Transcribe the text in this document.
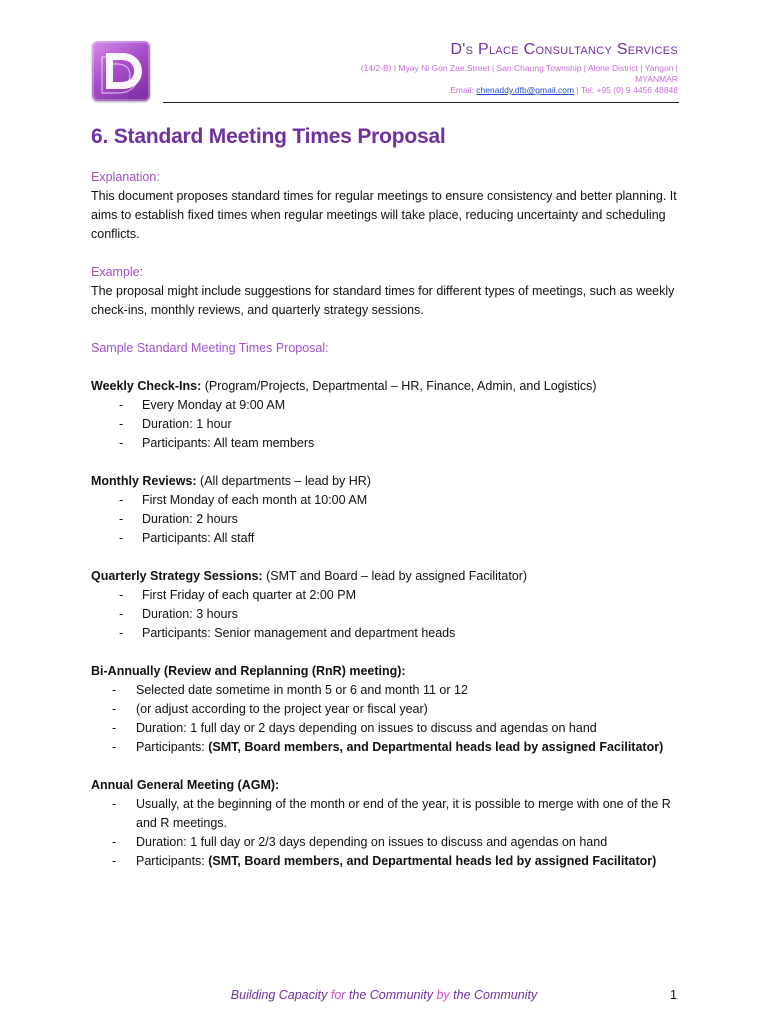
D's Place Consultancy Services
(14/2-B) | Myay Ni Gon Zae.Street | San Chaung Township | Alone District | Yangon | MYANMAR
Email: chenaddy.dfb@gmail.com | Tel: +95 (0) 9 4456 48848
6. Standard Meeting Times Proposal
Explanation:

This document proposes standard times for regular meetings to ensure consistency and better planning. It aims to establish fixed times when regular meetings will take place, reducing uncertainty and scheduling conflicts.

Example:

The proposal might include suggestions for standard times for different types of meetings, such as weekly check-ins, monthly reviews, and quarterly strategy sessions.

Sample Standard Meeting Times Proposal:
Weekly Check-Ins: (Program/Projects, Departmental – HR, Finance, Admin, and Logistics)
- Every Monday at 9:00 AM
- Duration: 1 hour
- Participants: All team members
Monthly Reviews: (All departments – lead by HR)
- First Monday of each month at 10:00 AM
- Duration: 2 hours
- Participants: All staff
Quarterly Strategy Sessions: (SMT and Board – lead by assigned Facilitator)
- First Friday of each quarter at 2:00 PM
- Duration: 3 hours
- Participants: Senior management and department heads
Bi-Annually (Review and Replanning (RnR) meeting):
- Selected date sometime in month 5 or 6 and month 11 or 12
- (or adjust according to the project year or fiscal year)
- Duration: 1 full day or 2 days depending on issues to discuss and agendas on hand
- Participants: (SMT, Board members, and Departmental heads lead by assigned Facilitator)
Annual General Meeting (AGM):
- Usually, at the beginning of the month or end of the year, it is possible to merge with one of the R and R meetings.
- Duration: 1 full day or 2/3 days depending on issues to discuss and agendas on hand
- Participants: (SMT, Board members, and Departmental heads led by assigned Facilitator)
Building Capacity for the Community by the Community	1
